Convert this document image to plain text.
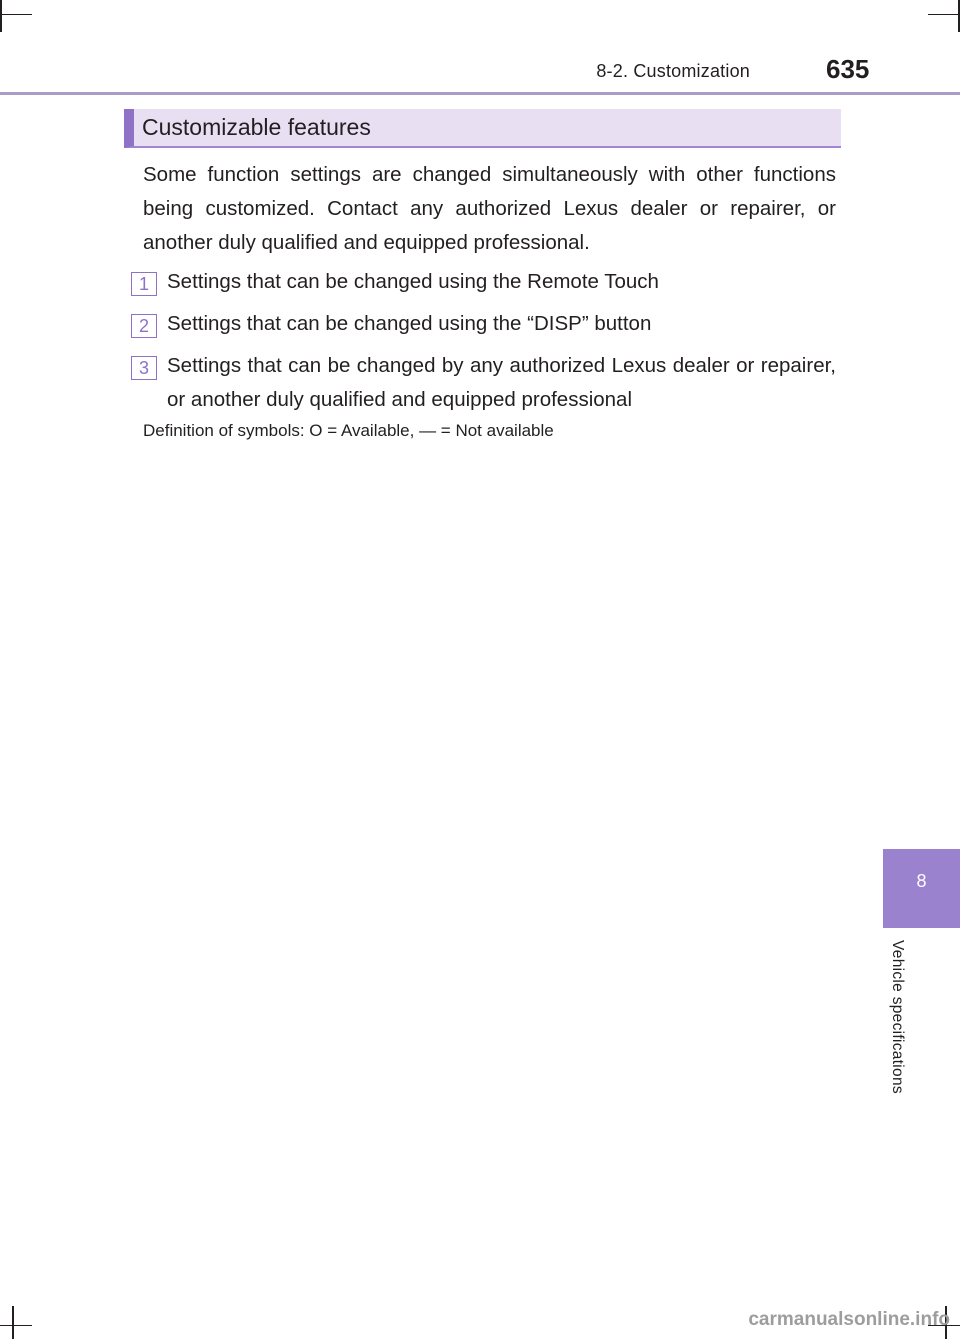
8-2. Customization	635
Customizable features
Some function settings are changed simultaneously with other functions being customized. Contact any authorized Lexus dealer or repairer, or another duly qualified and equipped professional.
1 Settings that can be changed using the Remote Touch
2 Settings that can be changed using the “DISP” button
3 Settings that can be changed by any authorized Lexus dealer or repairer, or another duly qualified and equipped professional
Definition of symbols: O = Available, — = Not available
8
Vehicle specifications
carmanualsonline.info
